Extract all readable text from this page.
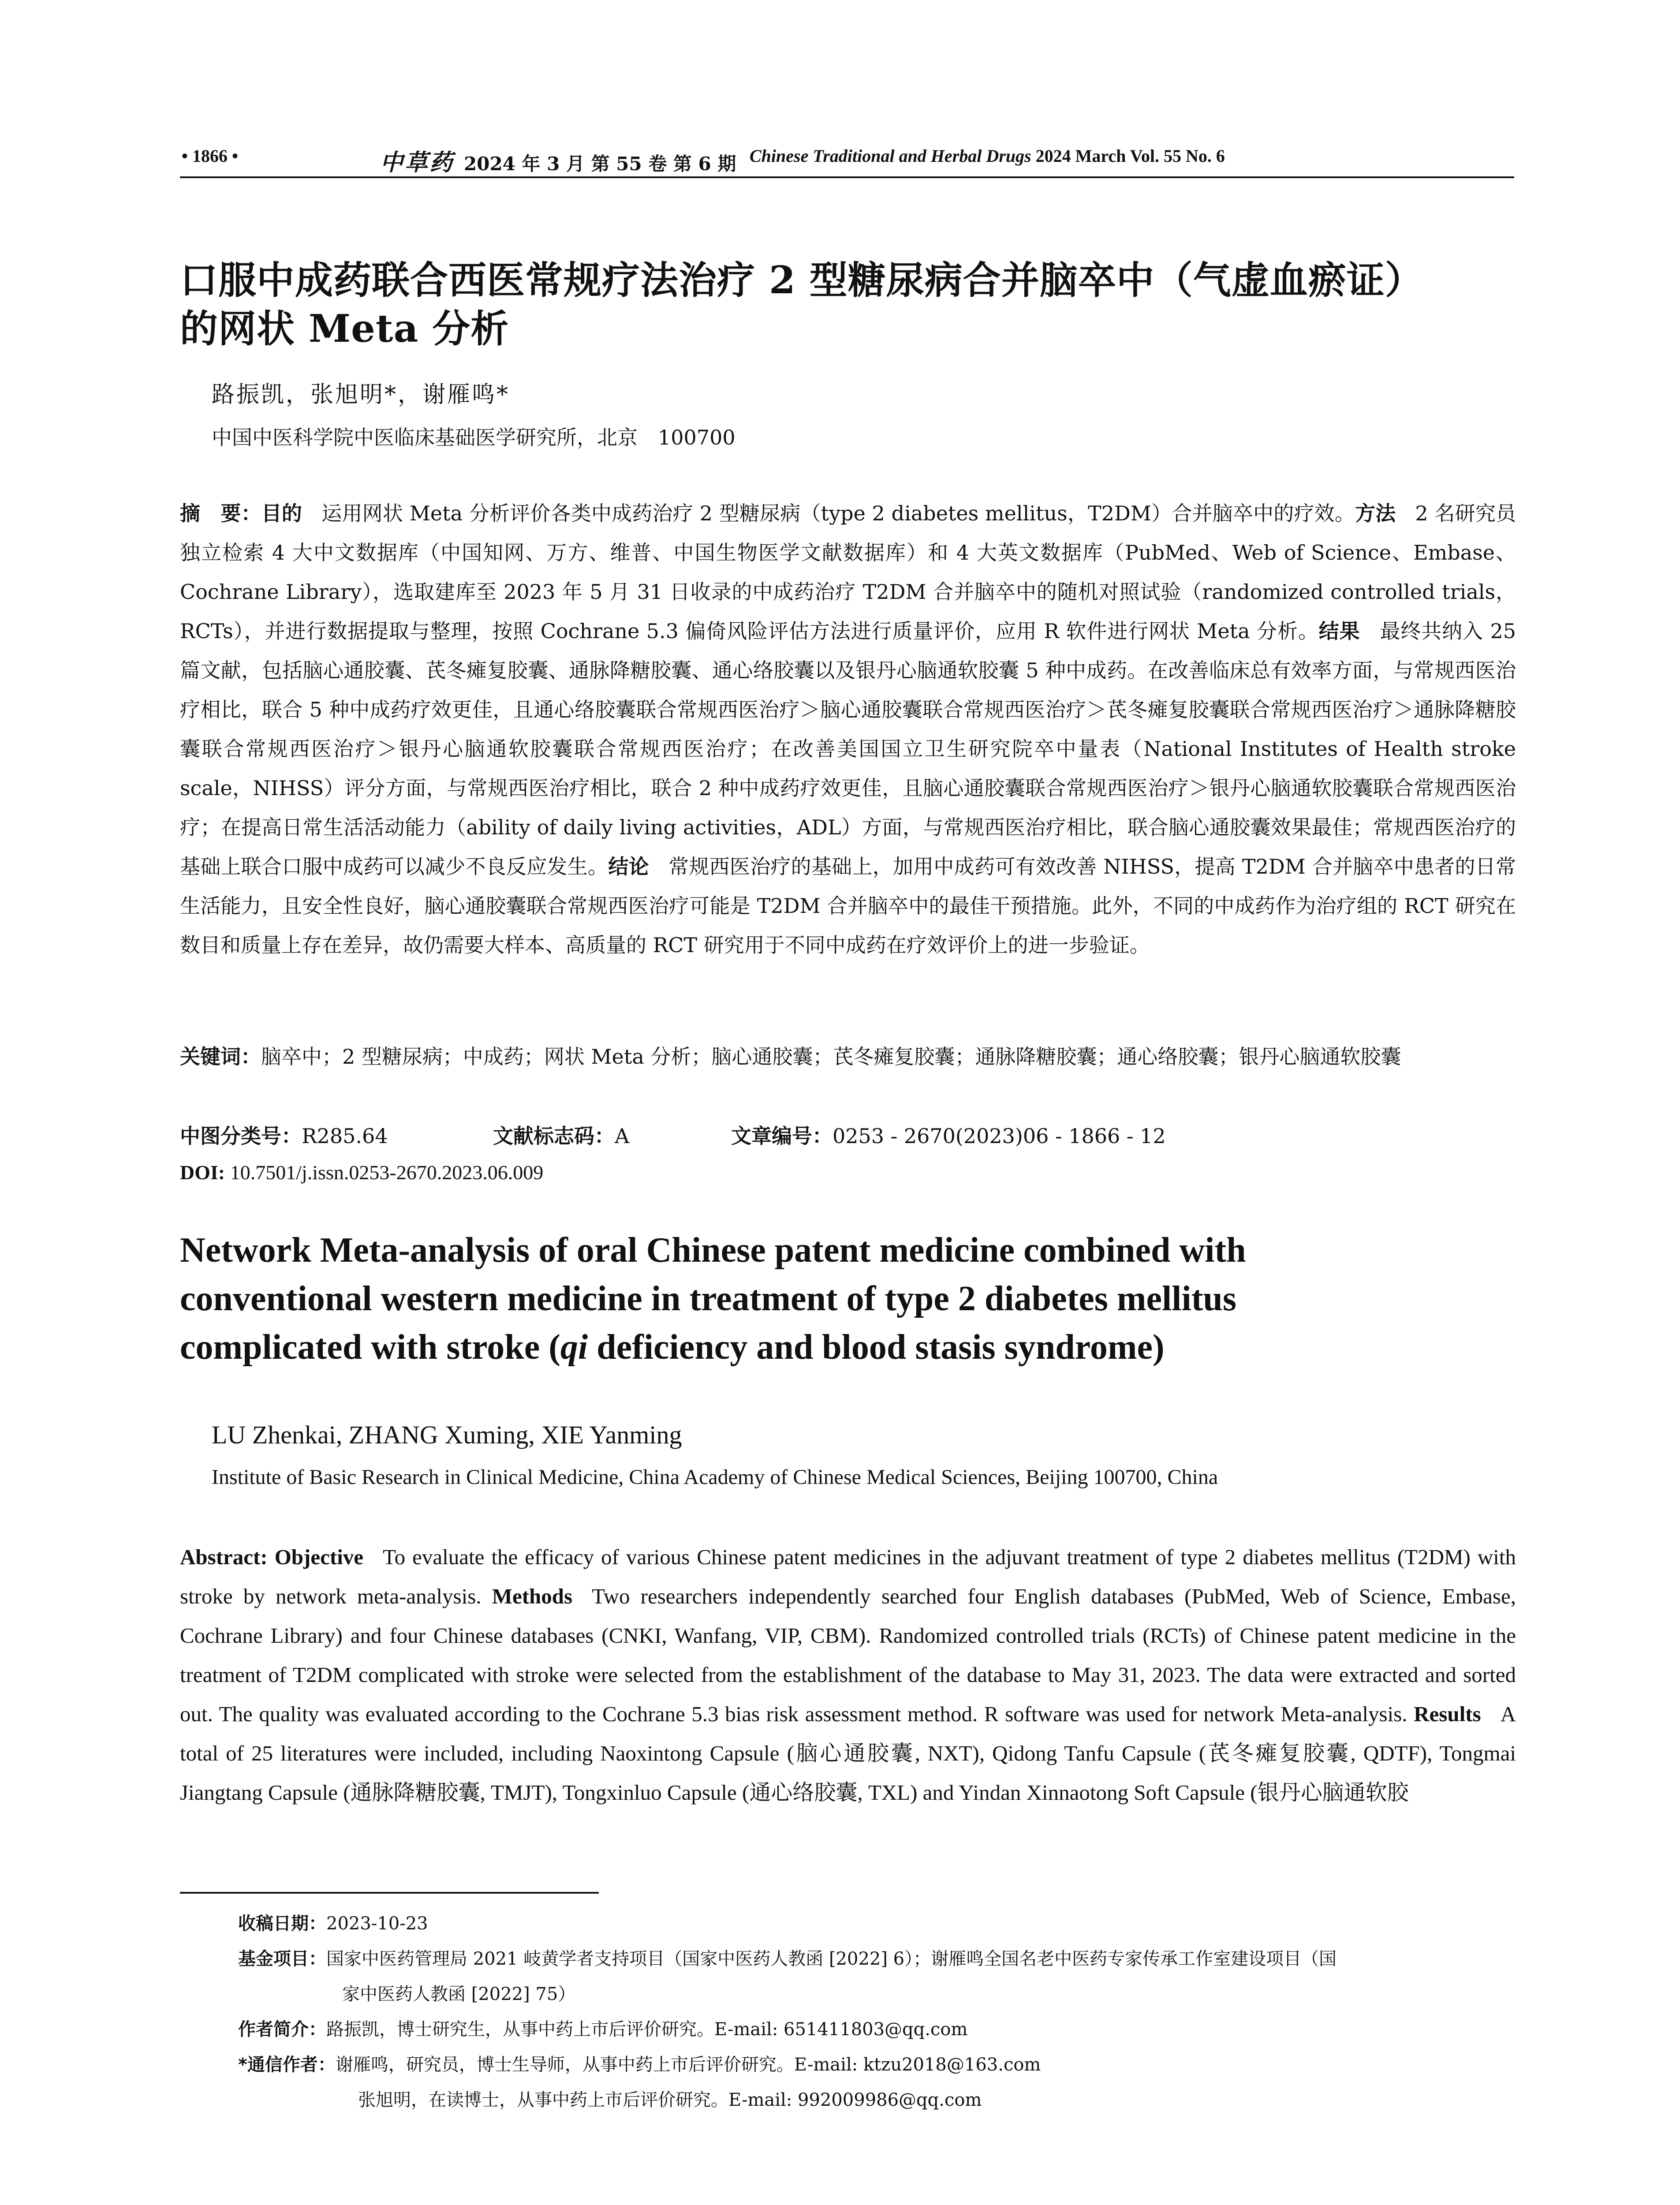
• 1866 •	中草药 2024 年 3 月 第 55 卷 第 6 期 Chinese Traditional and Herbal Drugs 2024 March Vol. 55 No. 6
口服中成药联合西医常规疗法治疗 2 型糖尿病合并脑卒中（气虚血瘀证）
的网状 Meta 分析
路振凯，张旭明*，谢雁鸣*
中国中医科学院中医临床基础医学研究所，北京　100700
摘　要：目的 运用网状 Meta 分析评价各类中成药治疗 2 型糖尿病（type 2 diabetes mellitus，T2DM）合并脑卒中的疗效。方法 2 名研究员独立检索 4 大中文数据库（中国知网、万方、维普、中国生物医学文献数据库）和 4 大英文数据库（PubMed、Web of Science、Embase、Cochrane Library），选取建库至 2023 年 5 月 31 日收录的中成药治疗 T2DM 合并脑卒中的随机对照试验（randomized controlled trials，RCTs），并进行数据提取与整理，按照 Cochrane 5.3 偏倚风险评估方法进行质量评价，应用 R 软件进行网状 Meta 分析。结果 最终共纳入 25 篇文献，包括脑心通胶囊、芪冬瘫复胶囊、通脉降糖胶囊、通心络胶囊以及银丹心脑通软胶囊 5 种中成药。在改善临床总有效率方面，与常规西医治疗相比，联合 5 种中成药疗效更佳，且通心络胶囊联合常规西医治疗＞脑心通胶囊联合常规西医治疗＞芪冬瘫复胶囊联合常规西医治疗＞通脉降糖胶囊联合常规西医治疗＞银丹心脑通软胶囊联合常规西医治疗；在改善美国国立卫生研究院卒中量表（National Institutes of Health stroke scale，NIHSS）评分方面，与常规西医治疗相比，联合 2 种中成药疗效更佳，且脑心通胶囊联合常规西医治疗＞银丹心脑通软胶囊联合常规西医治疗；在提高日常生活活动能力（ability of daily living activities，ADL）方面，与常规西医治疗相比，联合脑心通胶囊效果最佳；常规西医治疗的基础上联合口服中成药可以减少不良反应发生。结论 常规西医治疗的基础上，加用中成药可有效改善 NIHSS，提高 T2DM 合并脑卒中患者的日常生活能力，且安全性良好，脑心通胶囊联合常规西医治疗可能是 T2DM 合并脑卒中的最佳干预措施。此外，不同的中成药作为治疗组的 RCT 研究在数目和质量上存在差异，故仍需要大样本、高质量的 RCT 研究用于不同中成药在疗效评价上的进一步验证。
关键词：脑卒中；2 型糖尿病；中成药；网状 Meta 分析；脑心通胶囊；芪冬瘫复胶囊；通脉降糖胶囊；通心络胶囊；银丹心脑通软胶囊
中图分类号：R285.64	文献标志码：A	文章编号：0253 - 2670(2023)06 - 1866 - 12
DOI: 10.7501/j.issn.0253-2670.2023.06.009
Network Meta-analysis of oral Chinese patent medicine combined with
conventional western medicine in treatment of type 2 diabetes mellitus
complicated with stroke (qi deficiency and blood stasis syndrome)
LU Zhenkai, ZHANG Xuming, XIE Yanming
Institute of Basic Research in Clinical Medicine, China Academy of Chinese Medical Sciences, Beijing 100700, China
Abstract: Objective To evaluate the efficacy of various Chinese patent medicines in the adjuvant treatment of type 2 diabetes mellitus (T2DM) with stroke by network meta-analysis. Methods Two researchers independently searched four English databases (PubMed, Web of Science, Embase, Cochrane Library) and four Chinese databases (CNKI, Wanfang, VIP, CBM). Randomized controlled trials (RCTs) of Chinese patent medicine in the treatment of T2DM complicated with stroke were selected from the establishment of the database to May 31, 2023. The data were extracted and sorted out. The quality was evaluated according to the Cochrane 5.3 bias risk assessment method. R software was used for network Meta-analysis. Results A total of 25 literatures were included, including Naoxintong Capsule (脑心通胶囊, NXT), Qidong Tanfu Capsule (芪冬瘫复胶囊, QDTF), Tongmai Jiangtang Capsule (通脉降糖胶囊, TMJT), Tongxinluo Capsule (通心络胶囊, TXL) and Yindan Xinnaotong Soft Capsule (银丹心脑通软胶
收稿日期：2023-10-23
基金项目：国家中医药管理局 2021 岐黄学者支持项目（国家中医药人教函 [2022] 6）；谢雁鸣全国名老中医药专家传承工作室建设项目（国
家中医药人教函 [2022] 75）
作者简介：路振凯，博士研究生，从事中药上市后评价研究。E-mail: 651411803@qq.com
*通信作者：谢雁鸣，研究员，博士生导师，从事中药上市后评价研究。E-mail: ktzu2018@163.com
张旭明，在读博士，从事中药上市后评价研究。E-mail: 992009986@qq.com
